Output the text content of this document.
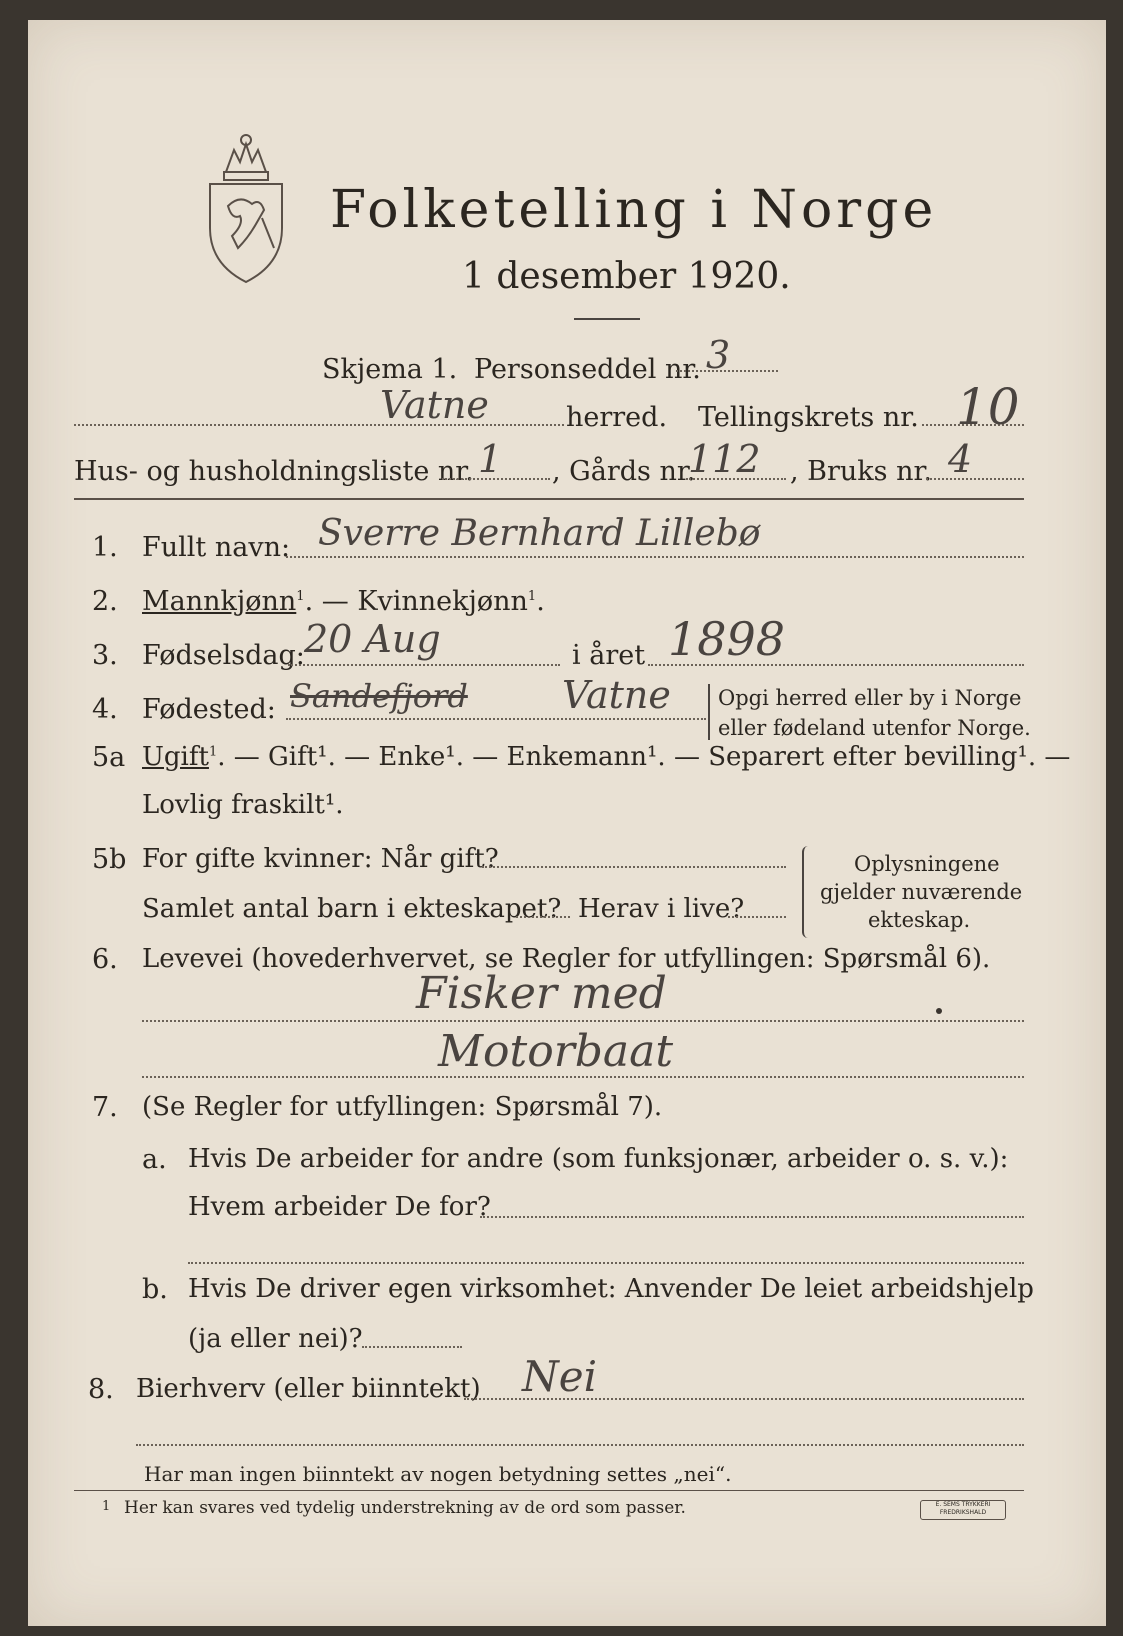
Folketelling i Norge
1 desember 1920.
Skjema 1. Personseddel nr. 3
Vatne	herred. Tellingskrets nr. 10
Hus- og husholdningsliste nr. 1 , Gårds nr.
112 , Bruks nr. 4
1. Fullt navn: Sverre Bernhard Lillebø
2. Mannkjønn$^1$. — Kvinnekjønn$^1$.
3. Fødselsdag: 20 Aug	i året 1898
4. Fødested: Sandefjord Vatne Opgi herred eller by i Norge
eller fødeland utenfor Norge.
5a Ugift$^1$. — Gift¹. — Enke¹. — Enkemann¹. — Separert efter bevilling¹. —
Lovlig fraskilt¹.
5b For gifte kvinner: Når gift?
Samlet antal barn i ekteskapet? Herav i live?
Oplysningene
gjelder nuværende
ekteskap.
6. Levevei (hovederhvervet, se Regler for utfyllingen: Spørsmål 6).
Fisker med
Motorbaat
7. (Se Regler for utfyllingen: Spørsmål 7).
a. Hvis De arbeider for andre (som funksjonær, arbeider o. s. v.):
Hvem arbeider De for?
b. Hvis De driver egen virksomhet: Anvender De leiet arbeidshjelp
(ja eller nei)?
8. Bierhverv (eller biinntekt) Nei
Har man ingen biinntekt av nogen betydning settes „nei“.
1 Her kan svares ved tydelig understrekning av de ord som passer.	E. SEMS TRYKKERI FREDRIKSHALD
